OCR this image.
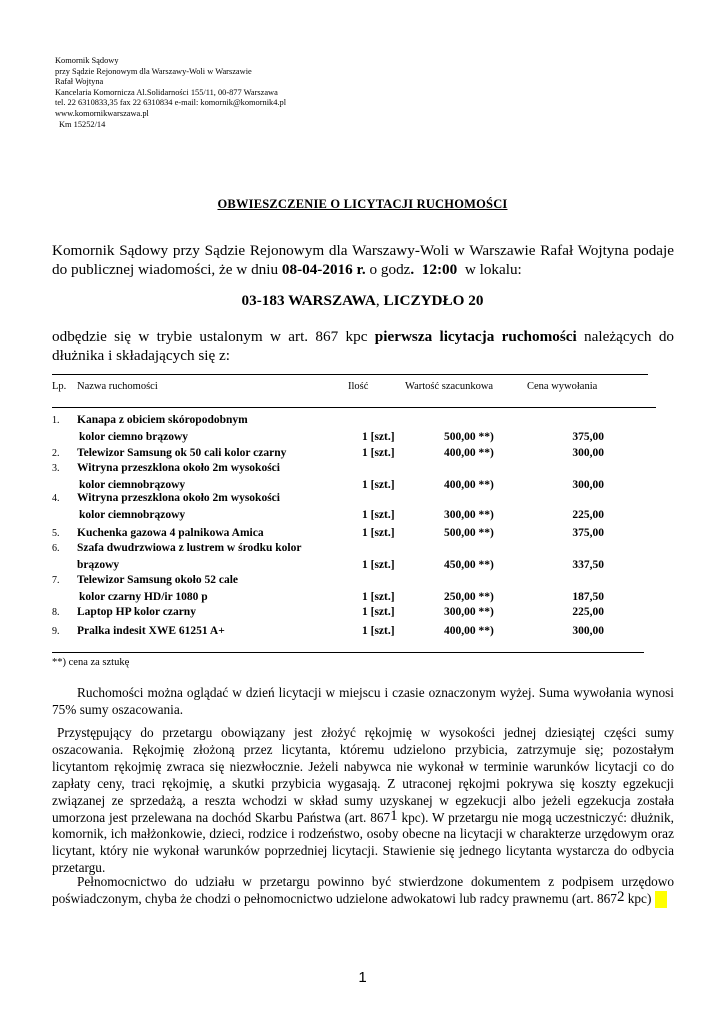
Komornik Sądowy
przy Sądzie Rejonowym dla Warszawy-Woli w Warszawie
Rafał Wojtyna
Kancelaria Komornicza Al.Solidarności 155/11, 00-877 Warszawa
tel. 22 6310833,35 fax 22 6310834 e-mail: komornik@komornik4.pl
www.komornikwarszawa.pl
Km 15252/14
OBWIESZCZENIE O LICYTACJI RUCHOMOŚCI
Komornik Sądowy przy Sądzie Rejonowym dla Warszawy-Woli w Warszawie Rafał Wojtyna podaje do publicznej wiadomości, że w dniu 08-04-2016 r. o godz.  12:00  w lokalu:
03-183 WARSZAWA, LICZYDŁO 20
odbędzie się w trybie ustalonym w art. 867 kpc pierwsza licytacja ruchomości należących do dłużnika i składających się z:
Lp. Nazwa ruchomości	Ilość	Wartość szacunkowa	Cena wywołania
1. Kanapa z obiciem skóropodobnym
kolor ciemno brązowy	1 [szt.]	500,00 **)	375,00
2. Telewizor Samsung ok 50 cali kolor czarny	1 [szt.]	400,00 **)	300,00
3. Witryna przeszklona około 2m wysokości
kolor ciemnobrązowy	1 [szt.]	400,00 **)	300,00
4. Witryna przeszklona około 2m wysokości
kolor ciemnobrązowy	1 [szt.]	300,00 **)	225,00
5. Kuchenka gazowa 4 palnikowa Amica	1 [szt.]	500,00 **)	375,00
6. Szafa dwudrzwiowa z lustrem w środku kolor
brązowy	1 [szt.]	450,00 **)	337,50
7. Telewizor Samsung około 52 cale
kolor czarny HD/ir 1080 p	1 [szt.]	250,00 **)	187,50
8. Laptop HP kolor czarny	1 [szt.]	300,00 **)	225,00
9. Pralka indesit XWE 61251 A+	1 [szt.]	400,00 **)	300,00
**) cena za sztukę
Ruchomości można oglądać w dzień licytacji w miejscu i czasie oznaczonym wyżej. Suma wywołania wynosi 75% sumy oszacowania.
Przystępujący do przetargu obowiązany jest złożyć rękojmię w wysokości jednej dziesiątej części sumy oszacowania. Rękojmię złożoną przez licytanta, któremu udzielono przybicia, zatrzymuje się; pozostałym licytantom rękojmię zwraca się niezwłocznie. Jeżeli nabywca nie wykonał w terminie warunków licytacji co do zapłaty ceny, traci rękojmię, a skutki przybicia wygasają. Z utraconej rękojmi pokrywa się koszty egzekucji związanej ze sprzedażą, a reszta wchodzi w skład sumy uzyskanej w egzekucji albo jeżeli egzekucja została umorzona jest przelewana na dochód Skarbu Państwa (art. $867^1$ kpc). W przetargu nie mogą uczestniczyć: dłużnik, komornik, ich małżonkowie, dzieci, rodzice i rodzeństwo, osoby obecne na licytacji w charakterze urzędowym oraz licytant, który nie wykonał warunków poprzedniej licytacji. Stawienie się jednego licytanta wystarcza do odbycia przetargu.
Pełnomocnictwo do udziału w przetargu powinno być stwierdzone dokumentem z podpisem urzędowo poświadczonym, chyba że chodzi o pełnomocnictwo udzielone adwokatowi lub radcy prawnemu (art. $867^2$ kpc)
1
